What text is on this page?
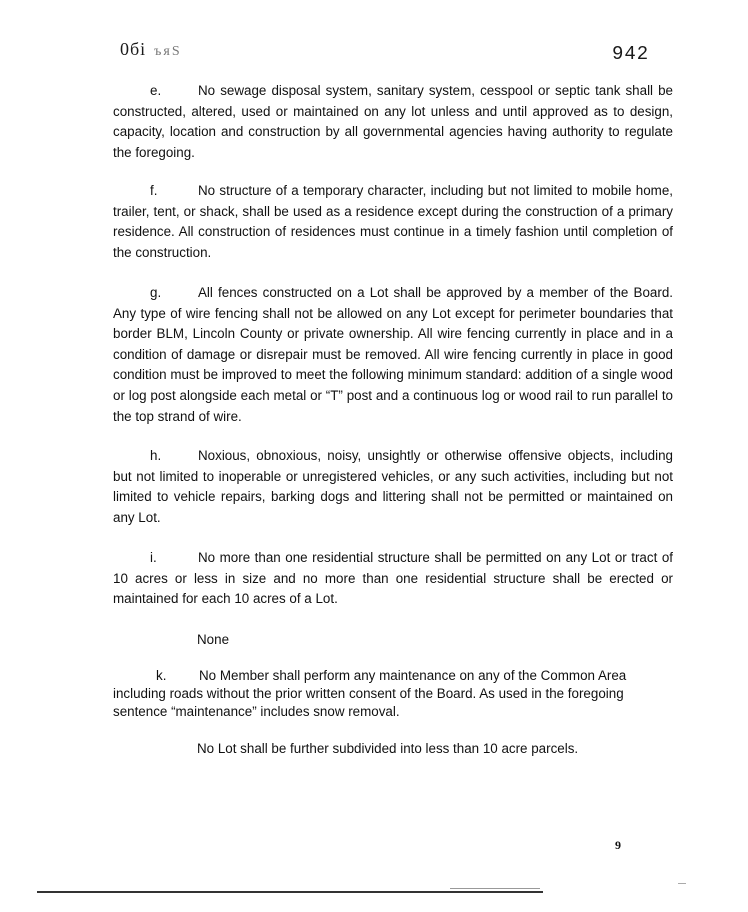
0бі ъяЅ	942

e.	No sewage disposal system, sanitary system, cesspool or septic tank shall be constructed, altered, used or maintained on any lot unless and until approved as to design, capacity, location and construction by all governmental agencies having authority to regulate the foregoing.

f.	No structure of a temporary character, including but not limited to mobile home, trailer, tent, or shack, shall be used as a residence except during the construction of a primary residence. All construction of residences must continue in a timely fashion until completion of the construction.

g.	All fences constructed on a Lot shall be approved by a member of the Board. Any type of wire fencing shall not be allowed on any Lot except for perimeter boundaries that border BLM, Lincoln County or private ownership. All wire fencing currently in place and in a condition of damage or disrepair must be removed. All wire fencing currently in place in good condition must be improved to meet the following minimum standard: addition of a single wood or log post alongside each metal or “T” post and a continuous log or wood rail to run parallel to the top strand of wire.

h.	Noxious, obnoxious, noisy, unsightly or otherwise offensive objects, including but not limited to inoperable or unregistered vehicles, or any such activities, including but not limited to vehicle repairs, barking dogs and littering shall not be permitted or maintained on any Lot.

i.	No more than one residential structure shall be permitted on any Lot or tract of 10 acres or less in size and no more than one residential structure shall be erected or maintained for each 10 acres of a Lot.

None

k. No Member shall perform any maintenance on any of the Common Area including roads without the prior written consent of the Board. As used in the foregoing sentence “maintenance” includes snow removal.

No Lot shall be further subdivided into less than 10 acre parcels.

9
